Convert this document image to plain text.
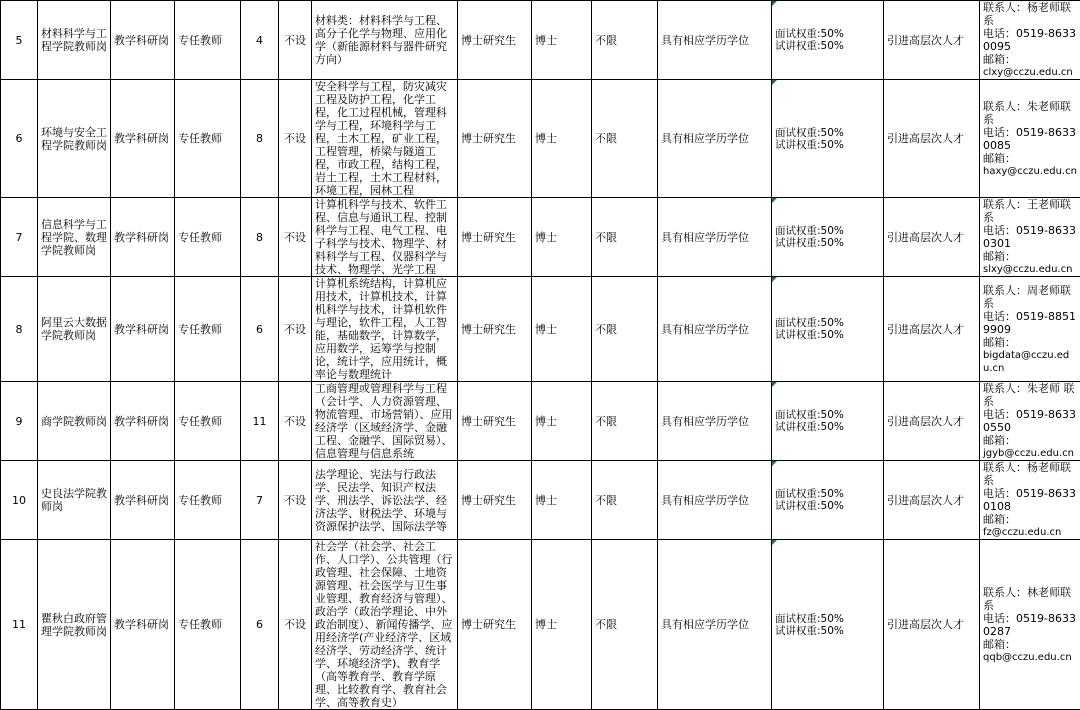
5	材料科学与工程学院教师岗	教学科研岗	专任教师	4	不设	材料类：材料科学与工程、高分子化学与物理、应用化学（新能源材料与器件研究方向）	博士研究生	博士	不限	具有相应学历学位	面试权重:50%
试讲权重:50%	引进高层次人才	联系人：杨老师联系
电话：0519-86330095
邮箱：
clxy@cczu.edu.cn

6	环境与安全工程学院教师岗	教学科研岗	专任教师	8	不设	安全科学与工程，防灾减灾工程及防护工程，化学工程，化工过程机械，管理科学与工程，环境科学与工程，土木工程，矿业工程，工程管理，桥梁与隧道工程，市政工程，结构工程，岩土工程，土木工程材料，环境工程，园林工程	博士研究生	博士	不限	具有相应学历学位	面试权重:50%
试讲权重:50%	引进高层次人才	联系人：朱老师联系
电话：0519-86330085
邮箱：
haxy@cczu.edu.cn

7	信息科学与工程学院、数理学院教师岗	教学科研岗	专任教师	8	不设	计算机科学与技术、软件工程、信息与通讯工程、控制科学与工程、电气工程、电子科学与技术、物理学、材料科学与工程、仪器科学与技术、物理学、光学工程	博士研究生	博士	不限	具有相应学历学位	面试权重:50%
试讲权重:50%	引进高层次人才	联系人：王老师联系
电话：0519-86330301
邮箱：
slxy@cczu.edu.cn

8	阿里云大数据学院教师岗	教学科研岗	专任教师	6	不设	计算机系统结构，计算机应用技术，计算机技术，计算机科学与技术，计算机软件与理论，软件工程，人工智能，基础数学，计算数学，应用数学，运筹学与控制论，统计学，应用统计，概率论与数理统计	博士研究生	博士	不限	具有相应学历学位	面试权重:50%
试讲权重:50%	引进高层次人才	联系人：周老师联系
电话：0519-88519909
邮箱：
bigdata@cczu.edu.cn

9	商学院教师岗	教学科研岗	专任教师	11	不设	工商管理或管理科学与工程（会计学、人力资源管理、物流管理、市场营销）、应用经济学（区域经济学、金融工程、金融学、国际贸易）、信息管理与信息系统	博士研究生	博士	不限	具有相应学历学位	面试权重:50%
试讲权重:50%	引进高层次人才	联系人：朱老师 联系
电话：0519-86330550
邮箱：
jgyb@cczu.edu.cn

10	史良法学院教师岗	教学科研岗	专任教师	7	不设	法学理论、宪法与行政法学、民法学、知识产权法学、刑法学、诉讼法学、经济法学、财税法学、环境与资源保护法学、国际法学等	博士研究生	博士	不限	具有相应学历学位	面试权重:50%
试讲权重:50%	引进高层次人才	联系人：杨老师联系
电话：0519-86330108
邮箱：
fz@cczu.edu.cn

11	瞿秋白政府管理学院教师岗	教学科研岗	专任教师	6	不设	社会学（社会学、社会工作、人口学）、公共管理（行政管理、社会保障、土地资源管理、社会医学与卫生事业管理、教育经济与管理）、政治学（政治学理论、中外政治制度）、新闻传播学、应用经济学(产业经济学、区域经济学、劳动经济学、统计学、环境经济学)、教育学（高等教育学、教育学原理、比较教育学、教育社会学、高等教育史）	博士研究生	博士	不限	具有相应学历学位	面试权重:50%
试讲权重:50%	引进高层次人才	联系人：林老师联系
电话：0519-86330287
邮箱：
qqb@cczu.edu.cn
